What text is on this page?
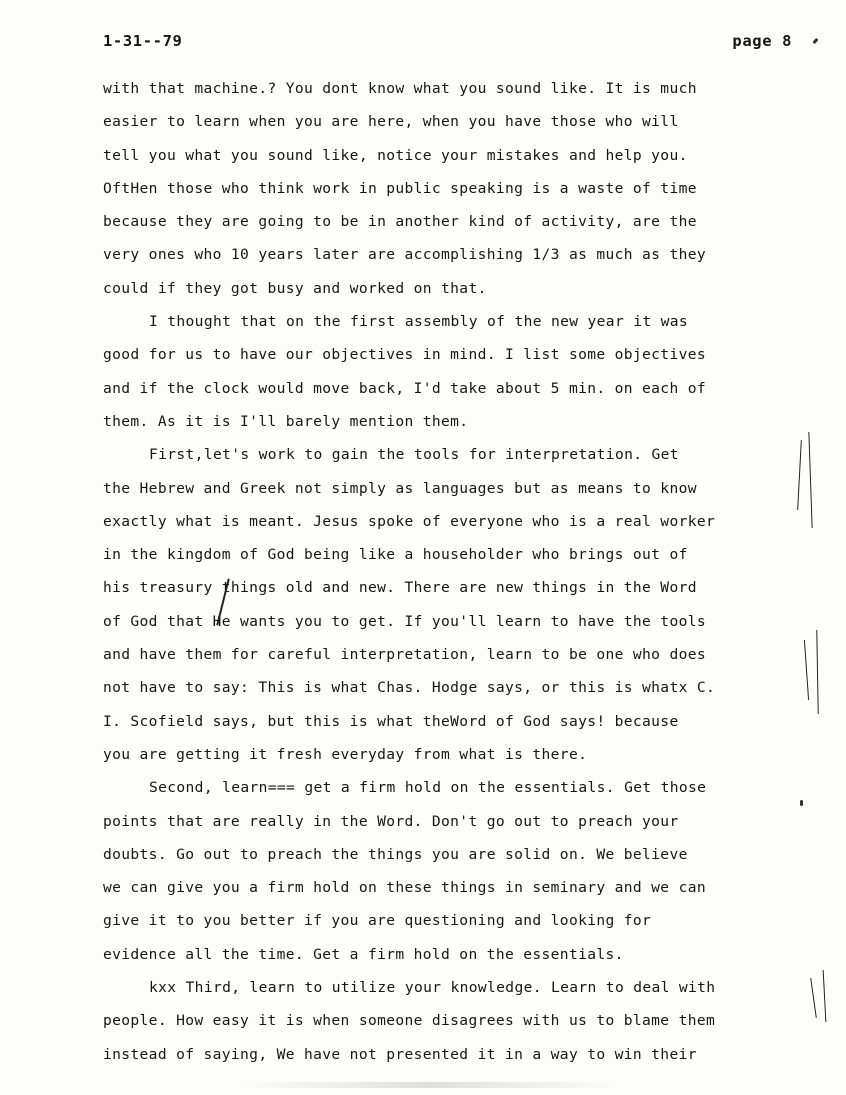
1-31--79	page 8
with that machine.? You dont know what you sound like. It is much
easier to learn when you are here, when you have those who will
tell you what you sound like, notice your mistakes and help you.
OftHen those who think work in public speaking is a waste of time
because they are going to be in another kind of activity, are the
very ones who 10 years later are accomplishing 1/3 as much as they
could if they got busy and worked on that.
I thought that on the first assembly of the new year it was
good for us to have our objectives in mind. I list some objectives
and if the clock would move back, I'd take about 5 min. on each of
them. As it is I'll barely mention them.
First,let's work to gain the tools for interpretation. Get
the Hebrew and Greek not simply as languages but as means to know
exactly what is meant. Jesus spoke of everyone who is a real worker
in the kingdom of God being like a householder who brings out of
his treasury things old and new. There are new things in the Word
of God that He wants you to get. If you'll learn to have the tools
and have them for careful interpretation, learn to be one who does
not have to say: This is what Chas. Hodge says, or this is whatx C.
I. Scofield says, but this is what theWord of God says! because
you are getting it fresh everyday from what is there.
Second, learn=== get a firm hold on the essentials. Get those
points that are really in the Word. Don't go out to preach your
doubts. Go out to preach the things you are solid on. We believe
we can give you a firm hold on these things in seminary and we can
give it to you better if you are questioning and looking for
evidence all the time. Get a firm hold on the essentials.
kxx Third, learn to utilize your knowledge. Learn to deal with
people. How easy it is when someone disagrees with us to blame them
instead of saying, We have not presented it in a way to win their
